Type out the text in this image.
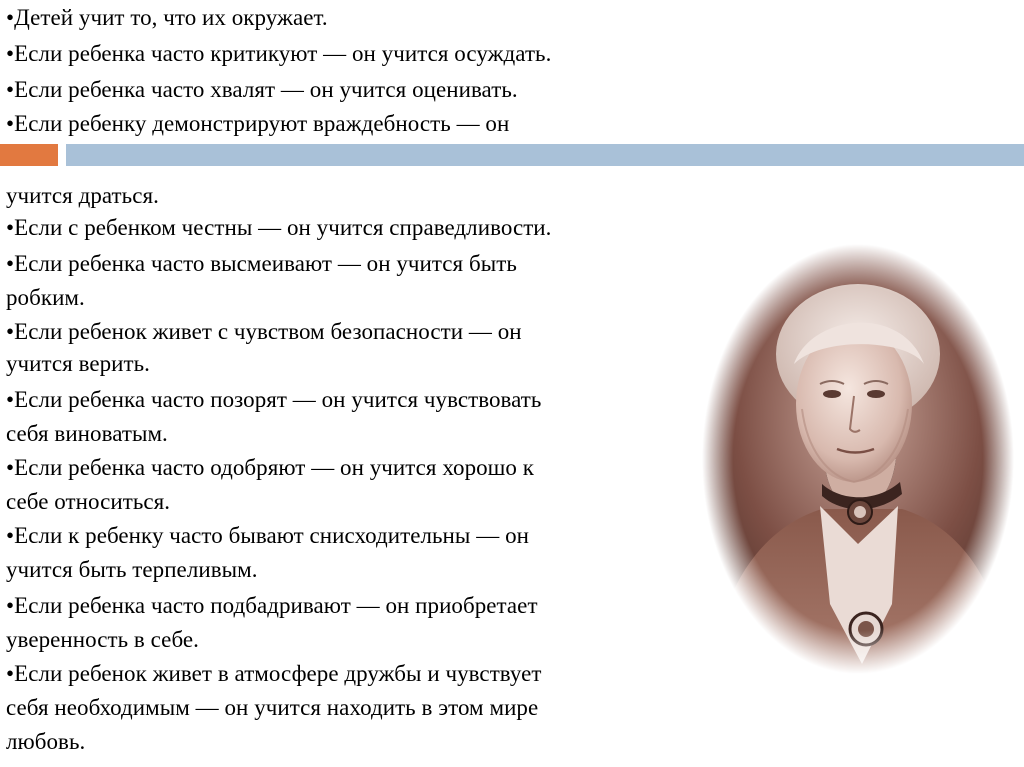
•Детей учит то, что их окружает.
•Если ребенка часто критикуют — он учится осуждать.
•Если ребенка часто хвалят — он учится оценивать.
•Если ребенку демонстрируют враждебность — он
учится драться.
•Если с ребенком честны — он учится справедливости.
•Если ребенка часто высмеивают — он учится быть
робким.
•Если ребенок живет с чувством безопасности — он
учится верить.
•Если ребенка часто позорят — он учится чувствовать
себя виноватым.
•Если ребенка часто одобряют — он учится хорошо к
себе относиться.
•Если к ребенку часто бывают снисходительны — он
учится быть терпеливым.
•Если ребенка часто подбадривают — он приобретает
уверенность в себе.
•Если ребенок живет в атмосфере дружбы и чувствует
себя необходимым — он учится находить в этом мире
любовь.
